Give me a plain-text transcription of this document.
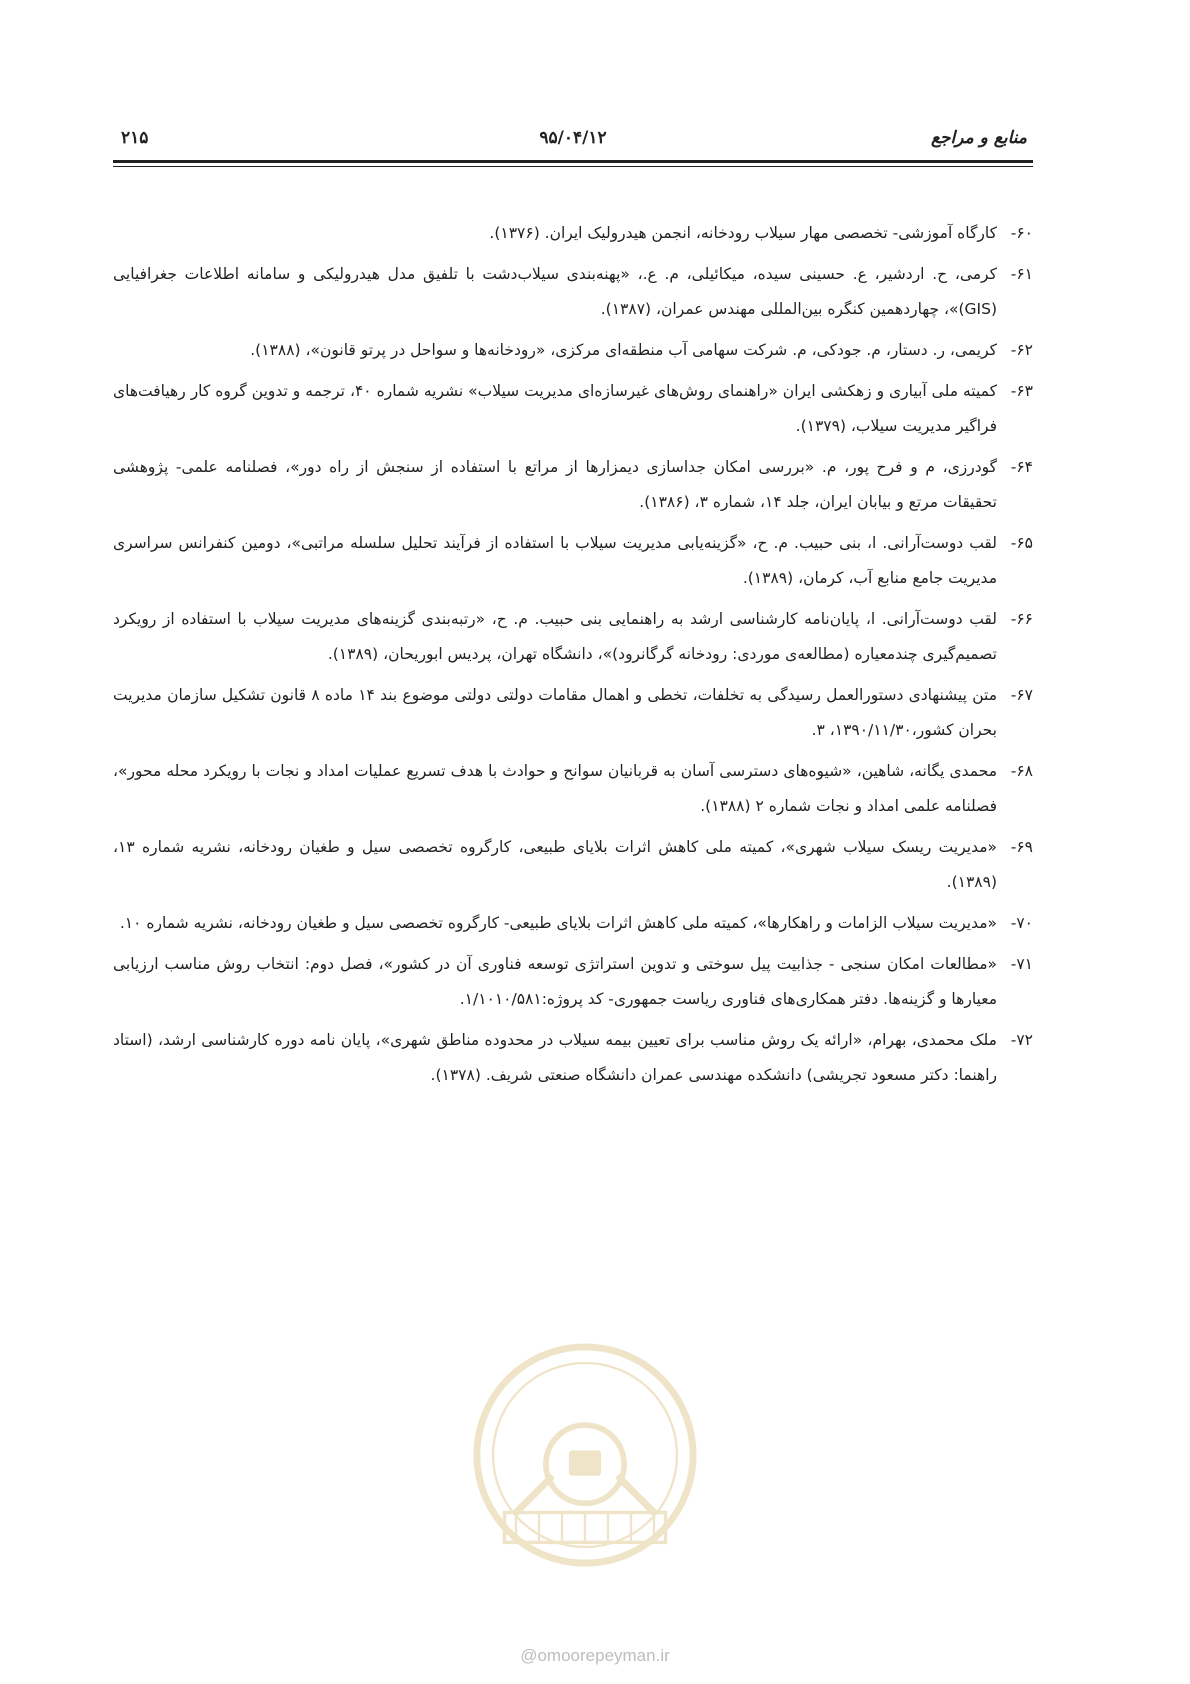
منابع و مراجع
۹۵/۰۴/۱۲
۲۱۵
۶۰-
کارگاه آموزشی- تخصصی مهار سیلاب رودخانه، انجمن هیدرولیک ایران. (۱۳۷۶).
۶۱-
کرمی، ح. اردشیر، ع. حسینی سیده، میکائیلی، م. ع.، «پهنه‌بندی سیلاب‌دشت با تلفیق مدل هیدرولیکی و سامانه اطلاعات جغرافیایی (GIS)»، چهاردهمین کنگره بین‌المللی مهندس عمران، (۱۳۸۷).
۶۲-
کریمی، ر. دستار، م. جودکی، م. شرکت سهامی آب منطقه‌ای مرکزی، «رودخانه‌ها و سواحل در پرتو قانون»، (۱۳۸۸).
۶۳-
کمیته ملی آبیاری و زهکشی ایران «راهنمای روش‌های غیرسازه‌ای مدیریت سیلاب» نشریه شماره ۴۰، ترجمه و تدوین گروه کار رهیافت‌های فراگیر مدیریت سیلاب، (۱۳۷۹).
۶۴-
گودرزی، م و فرح پور، م. «بررسی امکان جداسازی دیمزارها از مراتع با استفاده از سنجش از راه دور»، فصلنامه علمی- پژوهشی تحقیقات مرتع و بیابان ایران، جلد ۱۴، شماره ۳، (۱۳۸۶).
۶۵-
لقب دوست‌آرانی. ا، بنی حبیب. م. ح، «گزینه‌یابی مدیریت سیلاب با استفاده از فرآیند تحلیل سلسله مراتبی»، دومین کنفرانس سراسری مدیریت جامع منابع آب، کرمان، (۱۳۸۹).
۶۶-
لقب دوست‌آرانی. ا، پایان‌نامه کارشناسی ارشد به راهنمایی بنی حبیب. م. ح، «رتبه‌بندی گزینه‌های مدیریت سیلاب با استفاده از رویکرد تصمیم‌گیری چندمعیاره (مطالعه‌ی موردی: رودخانه گرگانرود)»، دانشگاه تهران، پردیس ابوریحان، (۱۳۸۹).
۶۷-
متن پیشنهادی دستورالعمل رسیدگی به تخلفات، تخطی و اهمال مقامات دولتی دولتی موضوع بند ۱۴ ماده ۸ قانون تشکیل سازمان مدیریت بحران کشور،۱۳۹۰/۱۱/۳۰، ۳.
۶۸-
محمدی یگانه، شاهین، «شیوه‌های دسترسی آسان به قربانیان سوانح و حوادث با هدف تسریع عملیات امداد و نجات با رویکرد محله محور»، فصلنامه علمی امداد و نجات شماره ۲ (۱۳۸۸).
۶۹-
«مدیریت ریسک سیلاب شهری»، کمیته ملی کاهش اثرات بلایای طبیعی، کارگروه تخصصی سیل و طغیان رودخانه، نشریه شماره ۱۳، (۱۳۸۹).
۷۰-
«مدیریت سیلاب الزامات و راهکارها»، کمیته ملی کاهش اثرات بلایای طبیعی- کارگروه تخصصی سیل و طغیان رودخانه، نشریه شماره ۱۰.
۷۱-
«مطالعات امکان سنجی - جذابیت پیل سوختی و تدوین استراتژی توسعه فناوری آن در کشور»، فصل دوم: انتخاب روش مناسب ارزیابی معیارها و گزینه‌ها. دفتر همکاری‌های فناوری ریاست جمهوری- کد پروژه:۱/۱۰۱۰/۵۸۱.
۷۲-
ملک محمدی، بهرام، «ارائه یک روش مناسب برای تعیین بیمه سیلاب در محدوده مناطق شهری»، پایان نامه دوره کارشناسی ارشد، (استاد راهنما: دکتر مسعود تجریشی) دانشکده مهندسی عمران دانشگاه صنعتی شریف. (۱۳۷۸).
@omoorepeyman.ir
